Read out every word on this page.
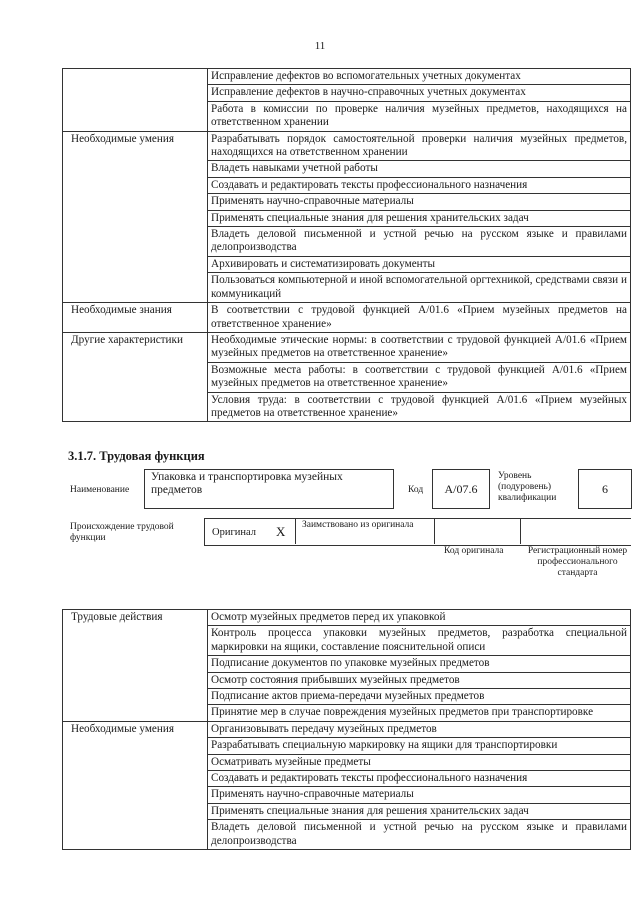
11
	Исправление дефектов во вспомогательных учетных документах
	Исправление дефектов в научно-справочных учетных документах
	Работа в комиссии по проверке наличия музейных предметов, находящихся на ответственном хранении
Необходимые умения	Разрабатывать порядок самостоятельной проверки наличия музейных предметов, находящихся на ответственном хранении
	Владеть навыками учетной работы
	Создавать и редактировать тексты профессионального назначения
	Применять научно-справочные материалы
	Применять специальные знания для решения хранительских задач
	Владеть деловой письменной и устной речью на русском языке и правилами делопроизводства
	Архивировать и систематизировать документы
	Пользоваться компьютерной и иной вспомогательной оргтехникой, средствами связи и коммуникаций
Необходимые знания	В соответствии с трудовой функцией А/01.6 «Прием музейных предметов на ответственное хранение»
Другие характеристики	Необходимые этические нормы: в соответствии с трудовой функцией А/01.6 «Прием музейных предметов на ответственное хранение»
	Возможные места работы: в соответствии с трудовой функцией А/01.6 «Прием музейных предметов на ответственное хранение»
	Условия труда: в соответствии с трудовой функцией А/01.6 «Прием музейных предметов на ответственное хранение»
3.1.7. Трудовая функция
Наименование
Упаковка и транспортировка музейных предметов	Код	А/07.6
Уровень (подуровень) квалификации
6
Происхождение трудовой функции	Оригинал X Заимствовано из оригинала
Код оригинала	Регистрационный номер профессионального стандарта
Трудовые действия	Осмотр музейных предметов перед их упаковкой
	Контроль процесса упаковки музейных предметов, разработка специальной маркировки на ящики, составление пояснительной описи
	Подписание документов по упаковке музейных предметов
	Осмотр состояния прибывших музейных предметов
	Подписание актов приема-передачи музейных предметов
	Принятие мер в случае повреждения музейных предметов при транспортировке
Необходимые умения	Организовывать передачу музейных предметов
	Разрабатывать специальную маркировку на ящики для транспортировки
	Осматривать музейные предметы
	Создавать и редактировать тексты профессионального назначения
	Применять научно-справочные материалы
	Применять специальные знания для решения хранительских задач
	Владеть деловой письменной и устной речью на русском языке и правилами делопроизводства
